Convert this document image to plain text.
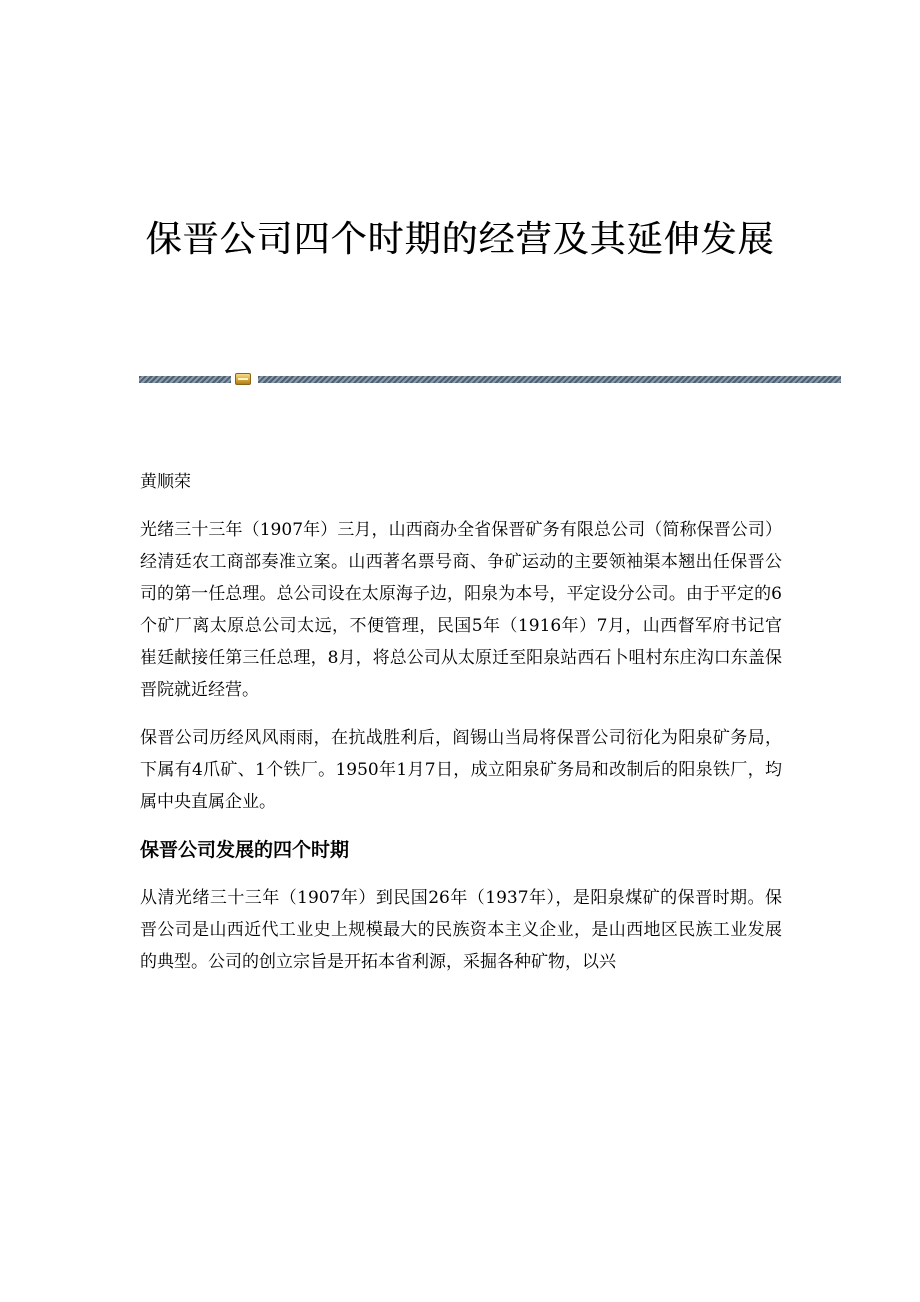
保晋公司四个时期的经营及其延伸发展

黄顺荣

光绪三十三年（1907年）三月，山西商办全省保晋矿务有限总公司（简称保晋公司）经清廷农工商部奏准立案。山西著名票号商、争矿运动的主要领袖渠本翘出任保晋公司的第一任总理。总公司设在太原海子边，阳泉为本号，平定设分公司。由于平定的6个矿厂离太原总公司太远，不便管理，民国5年（1916年）7月，山西督军府书记官崔廷献接任第三任总理，8月，将总公司从太原迁至阳泉站西石卜咀村东庄沟口东盖保晋院就近经营。

保晋公司历经风风雨雨，在抗战胜利后，阎锡山当局将保晋公司衍化为阳泉矿务局，下属有4爪矿、1个铁厂。1950年1月7日，成立阳泉矿务局和改制后的阳泉铁厂，均属中央直属企业。

保晋公司发展的四个时期

从清光绪三十三年（1907年）到民国26年（1937年），是阳泉煤矿的保晋时期。保晋公司是山西近代工业史上规模最大的民族资本主义企业，是山西地区民族工业发展的典型。公司的创立宗旨是开拓本省利源，采掘各种矿物，以兴
